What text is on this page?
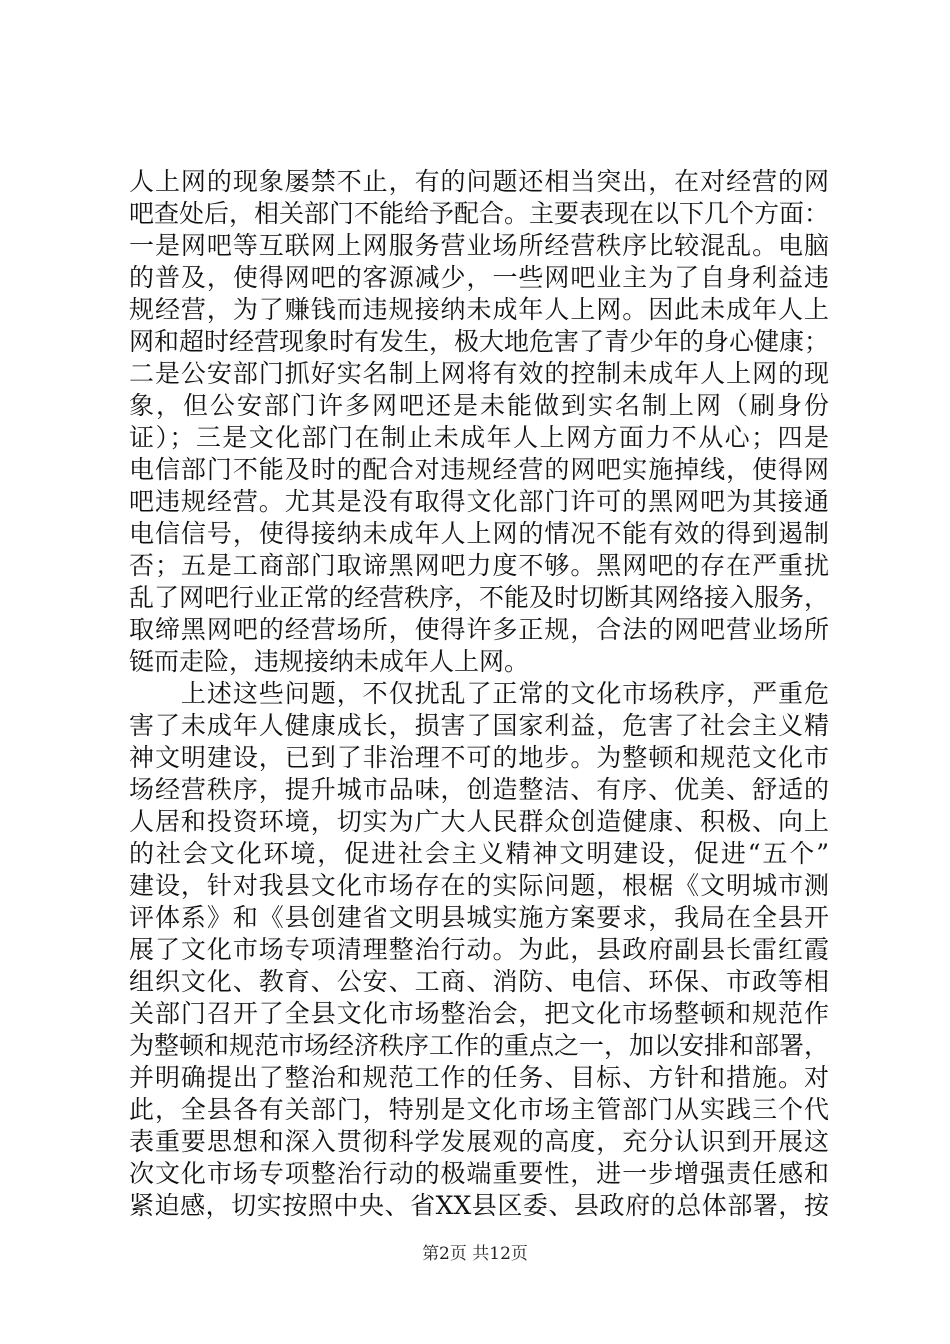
人上网的现象屡禁不止，有的问题还相当突出，在对经营的网
吧查处后，相关部门不能给予配合。主要表现在以下几个方面：
一是网吧等互联网上网服务营业场所经营秩序比较混乱。电脑
的普及，使得网吧的客源减少，一些网吧业主为了自身利益违
规经营，为了赚钱而违规接纳未成年人上网。因此未成年人上
网和超时经营现象时有发生，极大地危害了青少年的身心健康；
二是公安部门抓好实名制上网将有效的控制未成年人上网的现
象，但公安部门许多网吧还是未能做到实名制上网（刷身份
证）；三是文化部门在制止未成年人上网方面力不从心；四是
电信部门不能及时的配合对违规经营的网吧实施掉线，使得网
吧违规经营。尤其是没有取得文化部门许可的黑网吧为其接通
电信信号，使得接纳未成年人上网的情况不能有效的得到遏制
否；五是工商部门取谛黑网吧力度不够。黑网吧的存在严重扰
乱了网吧行业正常的经营秩序，不能及时切断其网络接入服务，
取缔黑网吧的经营场所，使得许多正规，合法的网吧营业场所
铤而走险，违规接纳未成年人上网。
　　上述这些问题，不仅扰乱了正常的文化市场秩序，严重危
害了未成年人健康成长，损害了国家利益，危害了社会主义精
神文明建设，已到了非治理不可的地步。为整顿和规范文化市
场经营秩序，提升城市品味，创造整洁、有序、优美、舒适的
人居和投资环境，切实为广大人民群众创造健康、积极、向上
的社会文化环境，促进社会主义精神文明建设，促进“五个”
建设，针对我县文化市场存在的实际问题，根椐《文明城市测
评体系》和《县创建省文明县城实施方案要求，我局在全县开
展了文化市场专项清理整治行动。为此，县政府副县长雷红霞
组织文化、教育、公安、工商、消防、电信、环保、市政等相
关部门召开了全县文化市场整治会，把文化市场整顿和规范作
为整顿和规范市场经济秩序工作的重点之一，加以安排和部署，
并明确提出了整治和规范工作的任务、目标、方针和措施。对
此，全县各有关部门，特别是文化市场主管部门从实践三个代
表重要思想和深入贯彻科学发展观的高度，充分认识到开展这
次文化市场专项整治行动的极端重要性，进一步增强责任感和
紧迫感，切实按照中央、省XX县区委、县政府的总体部署，按
第2页 共12页
